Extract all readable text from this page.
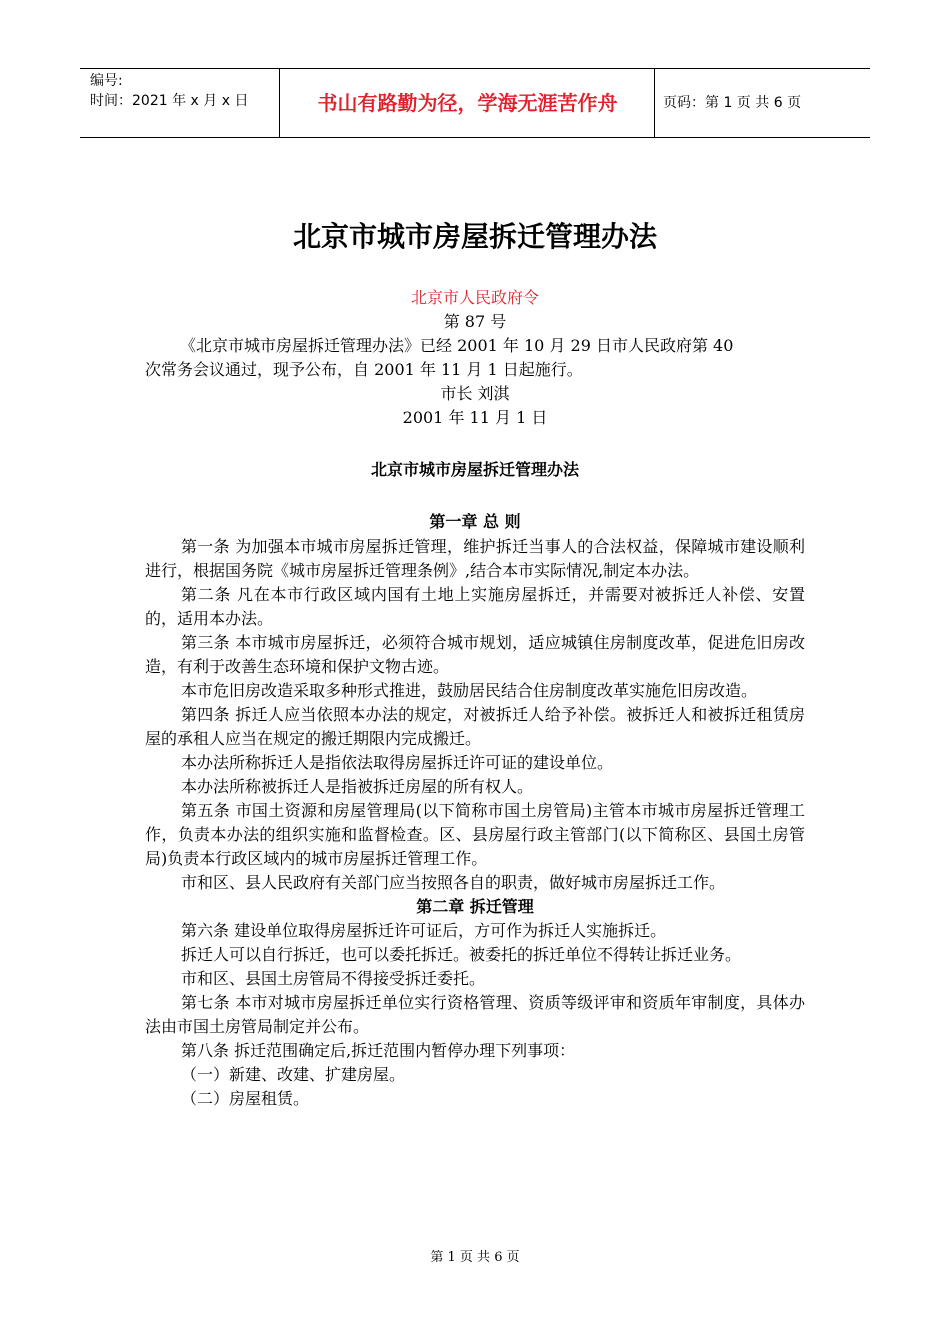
编号:
时间：2021 年 x 月 x 日	书山有路勤为径，学海无涯苦作舟	页码：第 1 页 共 6 页
北京市城市房屋拆迁管理办法
北京市人民政府令
第 87 号
《北京市城市房屋拆迁管理办法》已经 2001 年 10 月 29 日市人民政府第 40
次常务会议通过，现予公布，自 2001 年 11 月 1 日起施行。
市长 刘淇
2001 年 11 月 1 日
北京市城市房屋拆迁管理办法
第一章 总 则

第一条 为加强本市城市房屋拆迁管理，维护拆迁当事人的合法权益，保障城市建设顺利进行，根据国务院《城市房屋拆迁管理条例》,结合本市实际情况,制定本办法。

第二条 凡在本市行政区域内国有土地上实施房屋拆迁，并需要对被拆迁人补偿、安置的，适用本办法。

第三条 本市城市房屋拆迁，必须符合城市规划，适应城镇住房制度改革，促进危旧房改造，有利于改善生态环境和保护文物古迹。

本市危旧房改造采取多种形式推进，鼓励居民结合住房制度改革实施危旧房改造。

第四条 拆迁人应当依照本办法的规定，对被拆迁人给予补偿。被拆迁人和被拆迁租赁房屋的承租人应当在规定的搬迁期限内完成搬迁。

本办法所称拆迁人是指依法取得房屋拆迁许可证的建设单位。

本办法所称被拆迁人是指被拆迁房屋的所有权人。

第五条 市国土资源和房屋管理局(以下简称市国土房管局)主管本市城市房屋拆迁管理工作，负责本办法的组织实施和监督检查。区、县房屋行政主管部门(以下简称区、县国土房管局)负责本行政区域内的城市房屋拆迁管理工作。

市和区、县人民政府有关部门应当按照各自的职责，做好城市房屋拆迁工作。

第二章 拆迁管理

第六条 建设单位取得房屋拆迁许可证后，方可作为拆迁人实施拆迁。

拆迁人可以自行拆迁，也可以委托拆迁。被委托的拆迁单位不得转让拆迁业务。

市和区、县国土房管局不得接受拆迁委托。

第七条 本市对城市房屋拆迁单位实行资格管理、资质等级评审和资质年审制度，具体办法由市国土房管局制定并公布。

第八条 拆迁范围确定后,拆迁范围内暂停办理下列事项：

（一）新建、改建、扩建房屋。

（二）房屋租赁。

第 1 页 共 6 页
